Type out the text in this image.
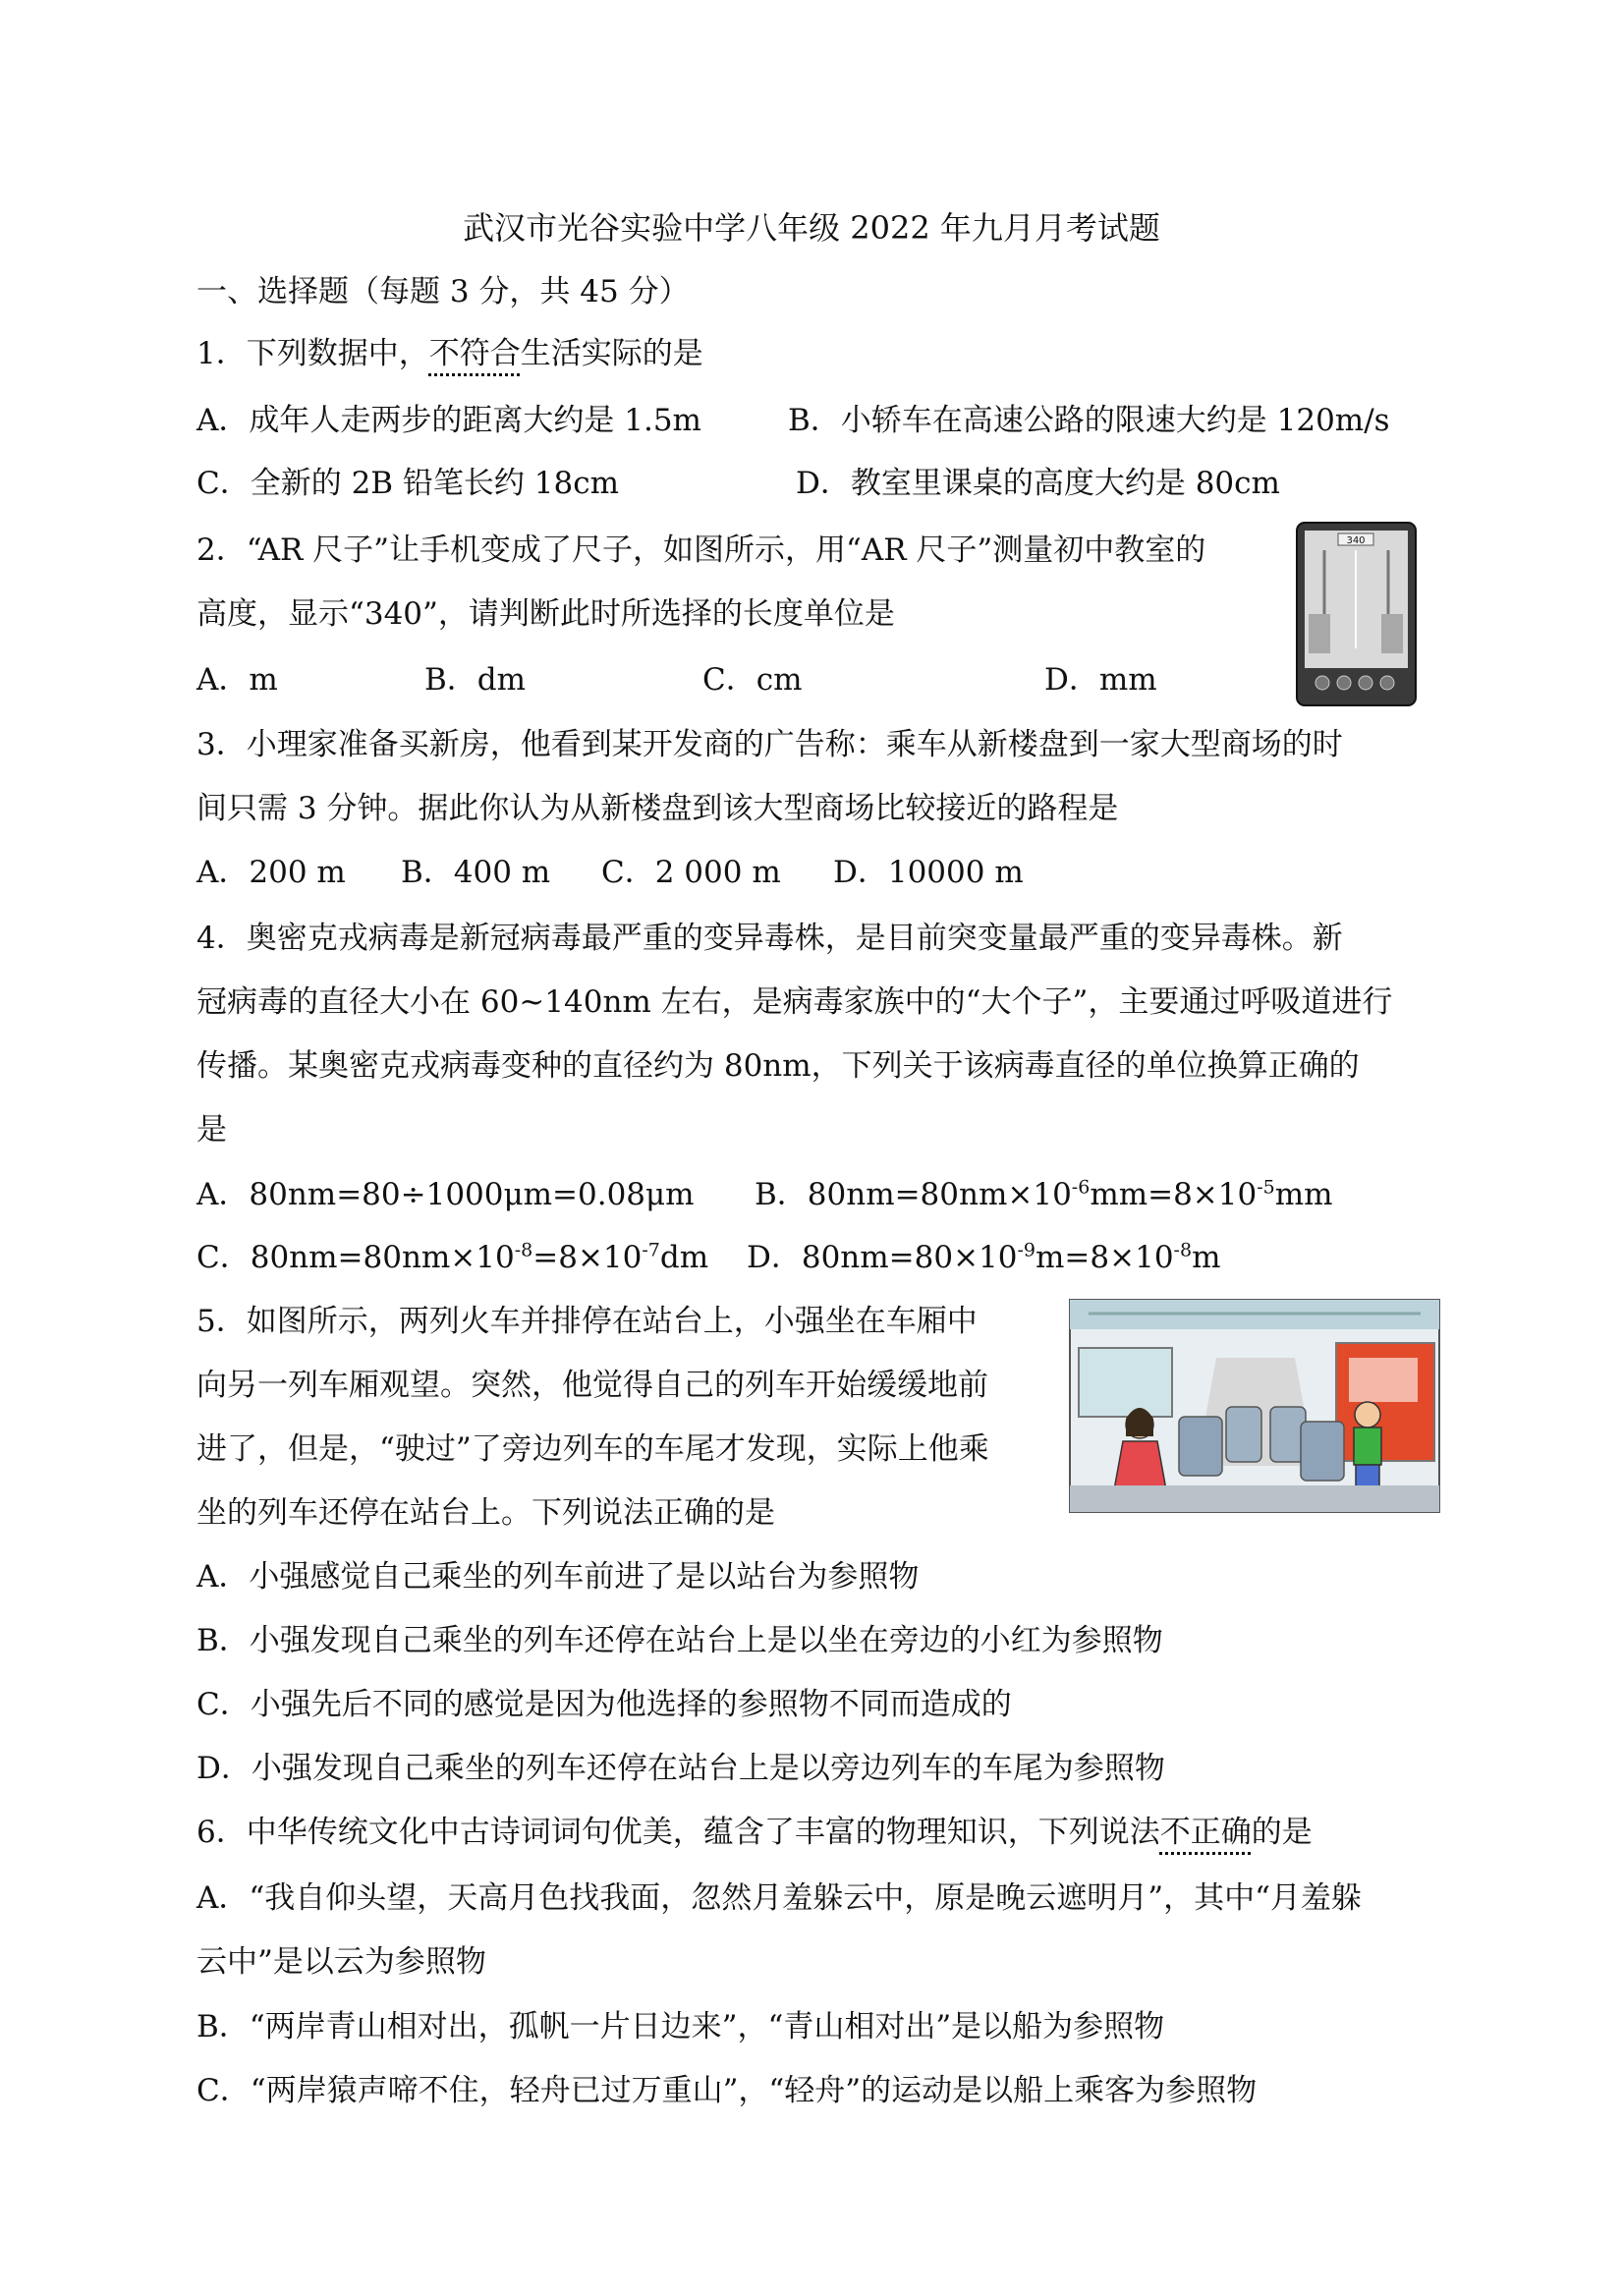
武汉市光谷实验中学八年级 2022 年九月月考试题
一、选择题（每题 3 分，共 45 分）
1．下列数据中，不符合生活实际的是
A．成年人走两步的距离大约是 1.5m	B．小轿车在高速公路的限速大约是 120m/s
C．全新的 2B 铅笔长约 18cm	D．教室里课桌的高度大约是 80cm
2．“AR 尺子”让手机变成了尺子，如图所示，用“AR 尺子”测量初中教室的
高度，显示“340”，请判断此时所选择的长度单位是
A．m	B．dm	C．cm	D．mm
340
3．小理家准备买新房，他看到某开发商的广告称：乘车从新楼盘到一家大型商场的时
间只需 3 分钟。据此你认为从新楼盘到该大型商场比较接近的路程是
A．200 m B．400 m C．2 000 m D．10000 m
4．奥密克戎病毒是新冠病毒最严重的变异毒株，是目前突变量最严重的变异毒株。新
冠病毒的直径大小在 60~140nm 左右，是病毒家族中的“大个子”，主要通过呼吸道进行
传播。某奥密克戎病毒变种的直径约为 80nm，下列关于该病毒直径的单位换算正确的
是
A．80nm=80÷1000μm=0.08μm B．$80nm=80nm\times 10^{-6}mm=8\times 10^{-5}mm$
C．$80nm=80nm\times 10^{-8}=8\times 10^{-7}dm$ D．$80nm=80\times 10^{-9}m=8\times 10^{-8}m$
5．如图所示，两列火车并排停在站台上，小强坐在车厢中
向另一列车厢观望。突然，他觉得自己的列车开始缓缓地前
进了，但是，“驶过”了旁边列车的车尾才发现，实际上他乘
坐的列车还停在站台上。下列说法正确的是
A．小强感觉自己乘坐的列车前进了是以站台为参照物
B．小强发现自己乘坐的列车还停在站台上是以坐在旁边的小红为参照物
C．小强先后不同的感觉是因为他选择的参照物不同而造成的
D．小强发现自己乘坐的列车还停在站台上是以旁边列车的车尾为参照物
6．中华传统文化中古诗词词句优美，蕴含了丰富的物理知识，下列说法不正确的是
A．“我自仰头望，天高月色找我面，忽然月羞躲云中，原是晚云遮明月”，其中“月羞躲
云中”是以云为参照物
B．“两岸青山相对出，孤帆一片日边来”，“青山相对出”是以船为参照物
C．“两岸猿声啼不住，轻舟已过万重山”，“轻舟”的运动是以船上乘客为参照物
